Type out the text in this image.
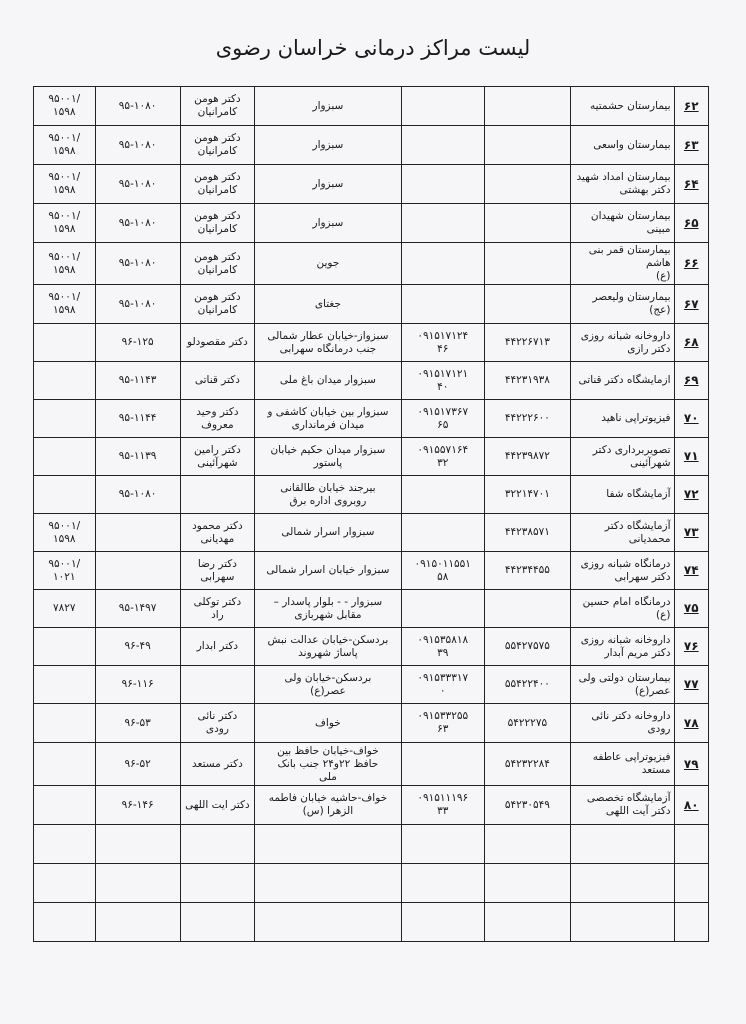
لیست مراکز درمانی خراسان رضوی
۶۲	بیمارستان حشمتیه			سبزوار	دکتر هومن
کامرانیان	۹۵-۱۰۸۰	/۹۵۰۰۱
۱۵۹۸
۶۳	بیمارستان واسعی			سبزوار	دکتر هومن
کامرانیان	۹۵-۱۰۸۰	/۹۵۰۰۱
۱۵۹۸
۶۴	بیمارستان امداد شهید
دکتر بهشتی			سبزوار	دکتر هومن
کامرانیان	۹۵-۱۰۸۰	/۹۵۰۰۱
۱۵۹۸
۶۵	بیمارستان شهیدان مبینی			سبزوار	دکتر هومن
کامرانیان	۹۵-۱۰۸۰	/۹۵۰۰۱
۱۵۹۸
۶۶	بیمارستان قمر بنی هاشم
(ع)			جوین	دکتر هومن
کامرانیان	۹۵-۱۰۸۰	/۹۵۰۰۱
۱۵۹۸
۶۷	بیمارستان ولیعصر
(عج)			جغتای	دکتر هومن
کامرانیان	۹۵-۱۰۸۰	/۹۵۰۰۱
۱۵۹۸
۶۸	داروخانه شبانه روزی
دکتر رازی	۴۴۲۲۶۷۱۳	۰۹۱۵۱۷۱۲۴
۴۶	سبزواز-خیابان عطار شمالی
جنب درمانگاه سهرابی	دکتر مقصودلو	۹۶-۱۲۵	
۶۹	ازمایشگاه دکتر قناتی	۴۴۲۳۱۹۳۸	۰۹۱۵۱۷۱۲۱
۴۰	سبزوار میدان باغ ملی	دکتر قناتی	۹۵-۱۱۴۳	
۷۰	فیزیوتراپی ناهید	۴۴۲۲۲۶۰۰	۰۹۱۵۱۷۳۶۷
۶۵	سبزوار بین خیابان کاشفی و
میدان فرمانداری	دکتر وحید
معروف	۹۵-۱۱۴۴	
۷۱	تصویربرداری دکتر
شهرآئینی	۴۴۲۳۹۸۷۲	۰۹۱۵۵۷۱۶۴
۳۲	سبزوار میدان حکیم خیابان
پاستور	دکتر رامین
شهرآئینی	۹۵-۱۱۳۹	
۷۲	آزمایشگاه شفا	۳۲۲۱۴۷۰۱		بیرجند خیابان طالقانی
روبروی اداره برق		۹۵-۱۰۸۰	
۷۳	آزمایشگاه دکتر
محمدیانی	۴۴۲۳۸۵۷۱		سبزوار اسرار شمالی	دکتر محمود
مهدیانی		/۹۵۰۰۱
۱۵۹۸
۷۴	درمانگاه شبانه روزی
دکتر سهرابی	۴۴۲۳۴۴۵۵	۰۹۱۵۰۱۱۵۵۱
۵۸	سبزوار خیابان اسرار شمالی	دکتر رضا
سهرابی		/۹۵۰۰۱
۱۰۲۱
۷۵	درمانگاه امام حسین (ع)			سبزوار - - بلوار پاسدار –
مقابل شهربازی	دکتر توکلی
راد	۹۵-۱۴۹۷	۷۸۲۷
۷۶	داروخانه شبانه روزی
دکتر مریم آبدار	۵۵۴۲۷۵۷۵	۰۹۱۵۳۵۸۱۸
۳۹	بردسکن-خیابان عدالت نبش
پاساژ شهروند	دکتر ابدار	۹۶-۴۹	
۷۷	بیمارستان دولتی ولی
عصر(ع)	۵۵۴۲۲۴۰۰	۰۹۱۵۳۳۳۱۷
۰	بردسکن-خیابان ولی
عصر(ع)		۹۶-۱۱۶	
۷۸	داروخانه دکتر نائی
رودی	۵۴۲۲۲۷۵	۰۹۱۵۳۳۲۵۵
۶۳	خواف	دکتر نائی
رودی	۹۶-۵۳	
۷۹	فیزیوتراپی عاطفه مستعد	۵۴۲۳۲۲۸۴		خواف-خیابان حافظ بین
حافظ ۲۲و۲۴ جنب بانک
ملی	دکتر مستعد	۹۶-۵۲	
۸۰	آزمایشگاه تخصصی
دکتر آیت اللهی	۵۴۲۳۰۵۴۹	۰۹۱۵۱۱۱۹۶
۳۳	خواف-حاشیه خیابان فاطمه
الزهرا (س)	دکتر ایت اللهی	۹۶-۱۴۶	
